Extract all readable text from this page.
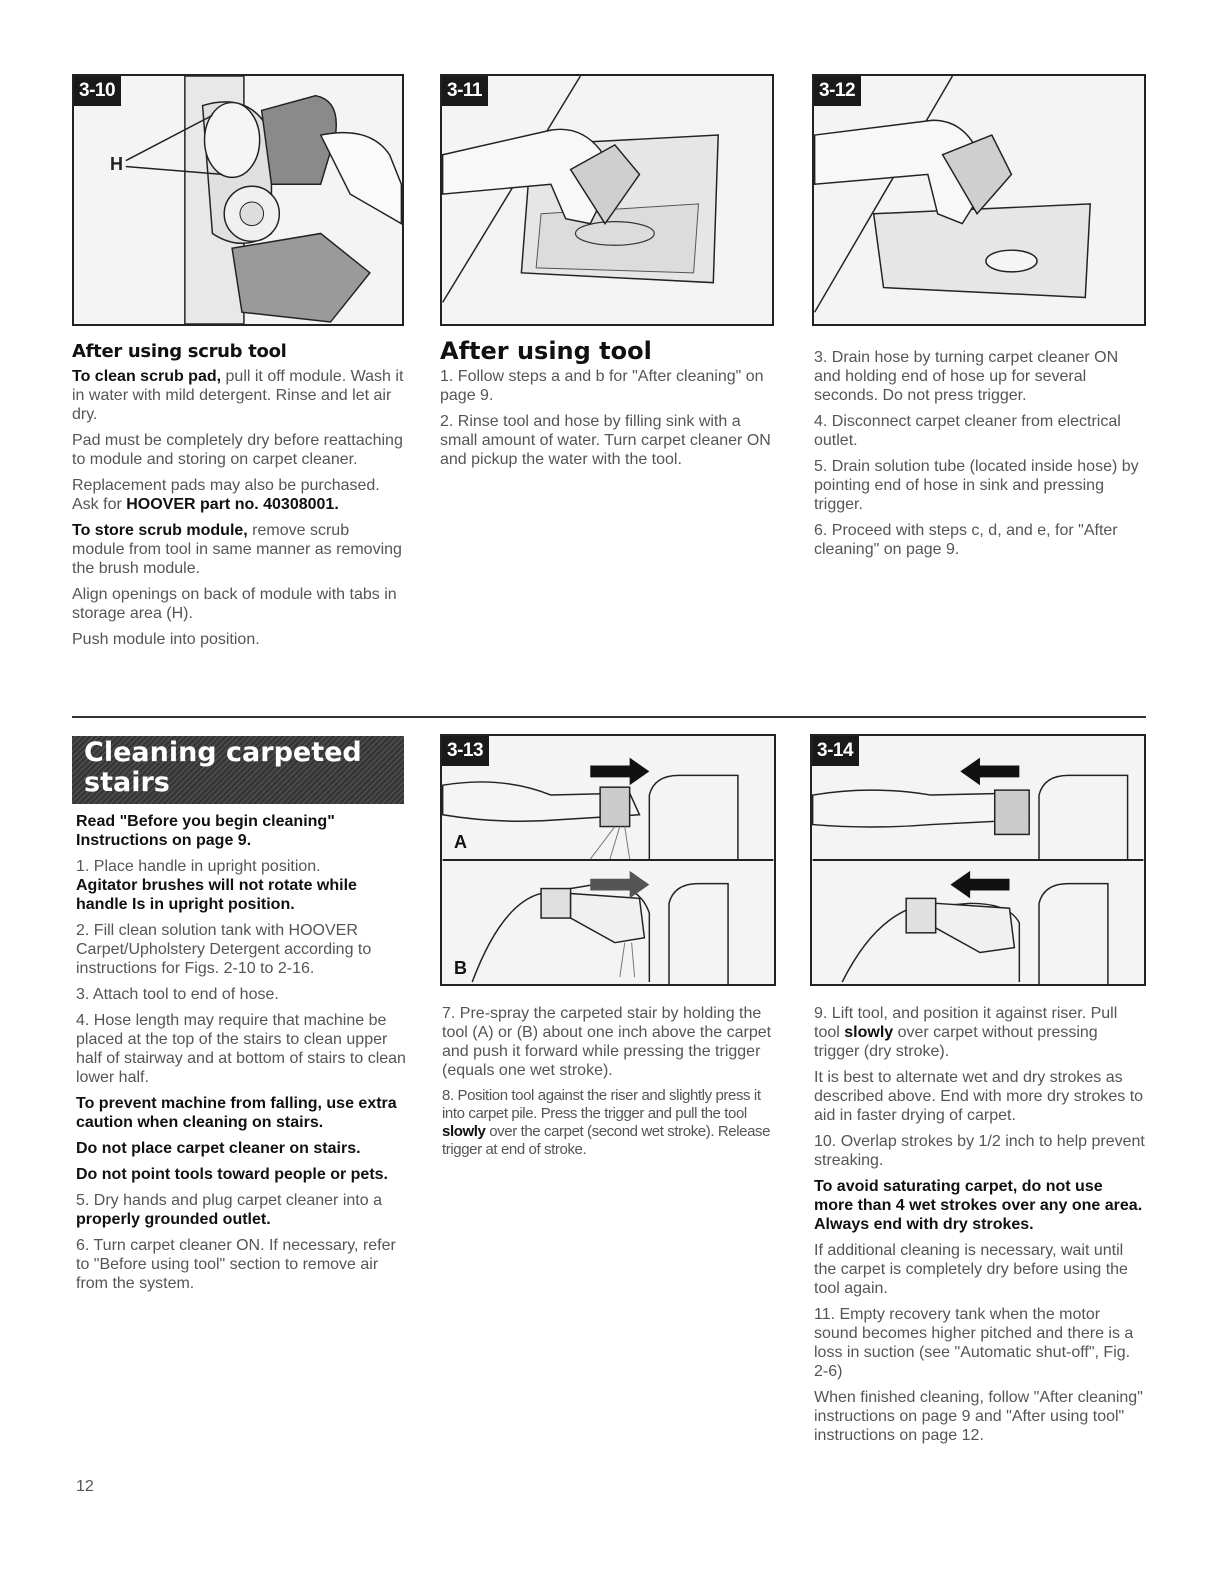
3-10
H
3-11	3-12
After using scrub tool

To clean scrub pad, pull it off module. Wash it in water with mild detergent. Rinse and let air dry.

Pad must be completely dry before reattaching to module and storing on carpet cleaner.

Replacement pads may also be purchased. Ask for HOOVER part no. 40308001.

To store scrub module, remove scrub module from tool in same manner as removing the brush module.

Align openings on back of module with tabs in storage area (H).

Push module into position.

After using tool

1. Follow steps a and b for "After cleaning" on page 9.

2. Rinse tool and hose by filling sink with a small amount of water. Turn carpet cleaner ON and pickup the water with the tool.

3. Drain hose by turning carpet cleaner ON and holding end of hose up for several seconds. Do not press trigger.

4. Disconnect carpet cleaner from electrical outlet.

5. Drain solution tube (located inside hose) by pointing end of hose in sink and pressing trigger.

6. Proceed with steps c, d, and e, for "After cleaning" on page 9.

Cleaning carpeted
stairs

Read "Before you begin cleaning" Instructions on page 9.

1. Place handle in upright position.

Agitator brushes will not rotate while handle Is in upright position.

2. Fill clean solution tank with HOOVER Carpet/Upholstery Detergent according to instructions for Figs. 2-10 to 2-16.

3. Attach tool to end of hose.

4. Hose length may require that machine be placed at the top of the stairs to clean upper half of stairway and at bottom of stairs to clean lower half.

To prevent machine from falling, use extra caution when cleaning on stairs.

Do not place carpet cleaner on stairs.

Do not point tools toward people or pets.

5. Dry hands and plug carpet cleaner into a properly grounded outlet.

6. Turn carpet cleaner ON. If necessary, refer to "Before using tool" section to remove air from the system.

3-13
A
B
3-14

7. Pre-spray the carpeted stair by holding the tool (A) or (B) about one inch above the carpet and push it forward while pressing the trigger (equals one wet stroke).

8. Position tool against the riser and slightly press it into carpet pile. Press the trigger and pull the tool slowly over the carpet (second wet stroke). Release trigger at end of stroke.

9. Lift tool, and position it against riser. Pull tool slowly over carpet without pressing trigger (dry stroke).

It is best to alternate wet and dry strokes as described above. End with more dry strokes to aid in faster drying of carpet.

10. Overlap strokes by 1/2 inch to help prevent streaking.

To avoid saturating carpet, do not use more than 4 wet strokes over any one area. Always end with dry strokes.

If additional cleaning is necessary, wait until the carpet is completely dry before using the tool again.

11. Empty recovery tank when the motor sound becomes higher pitched and there is a loss in suction (see "Automatic shut-off", Fig. 2-6)

When finished cleaning, follow "After cleaning" instructions on page 9 and "After using tool" instructions on page 12.

12
